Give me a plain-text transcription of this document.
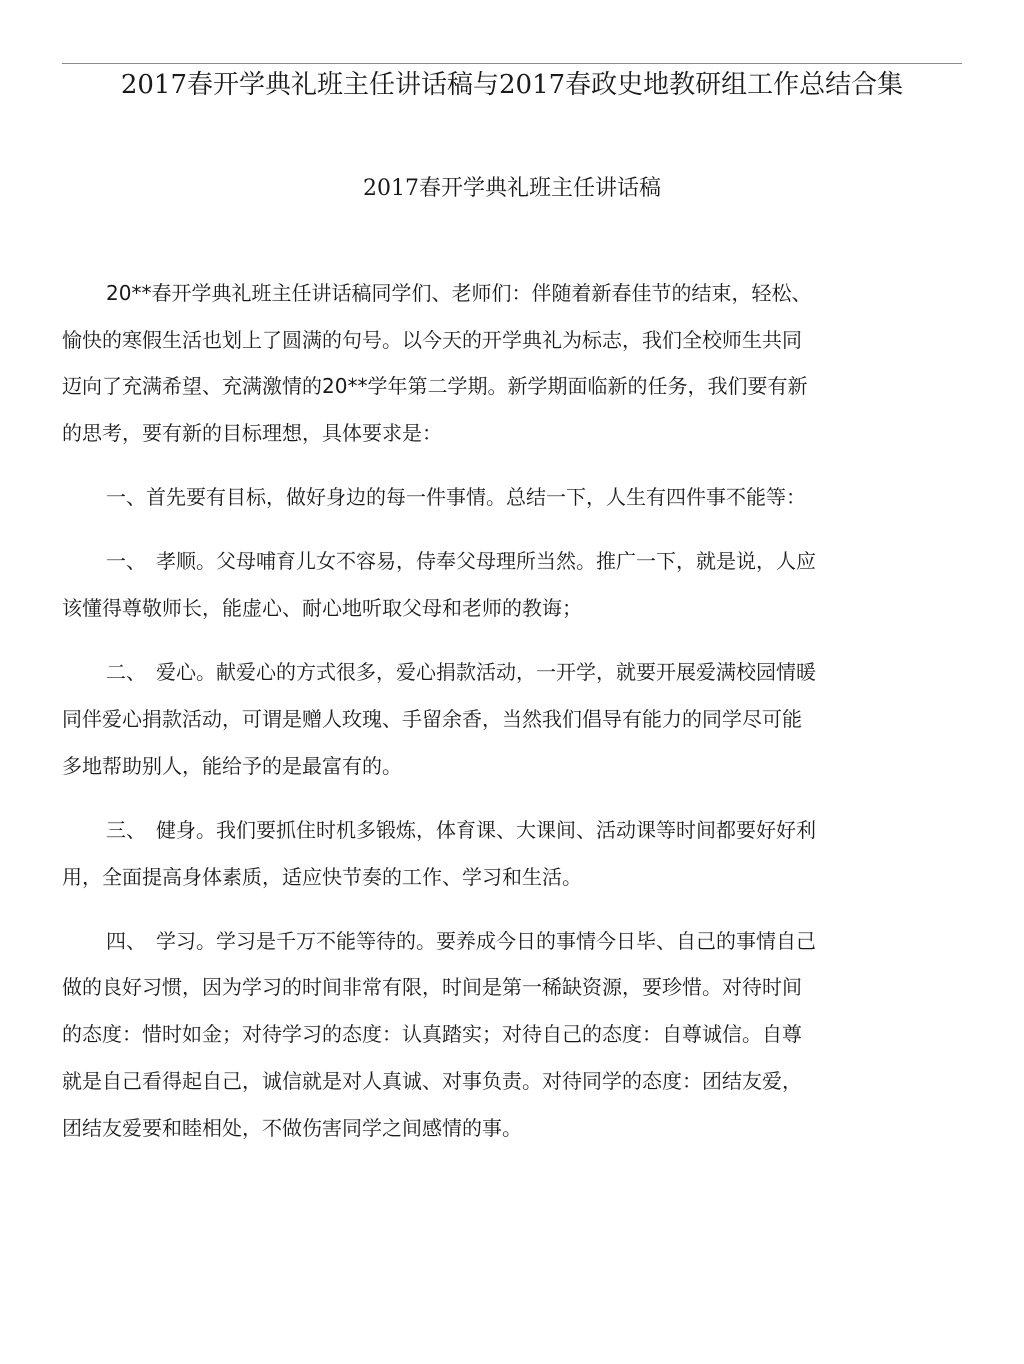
2017春开学典礼班主任讲话稿与2017春政史地教研组工作总结合集
2017春开学典礼班主任讲话稿
20**春开学典礼班主任讲话稿同学们、老师们：伴随着新春佳节的结束，轻松、
愉快的寒假生活也划上了圆满的句号。以今天的开学典礼为标志，我们全校师生共同
迈向了充满希望、充满激情的20**学年第二学期。新学期面临新的任务，我们要有新
的思考，要有新的目标理想，具体要求是：
一、首先要有目标，做好身边的每一件事情。总结一下，人生有四件事不能等：
一、　孝顺。父母哺育儿女不容易，侍奉父母理所当然。推广一下，就是说，人应
该懂得尊敬师长，能虚心、耐心地听取父母和老师的教诲；
二、　爱心。献爱心的方式很多，爱心捐款活动，一开学，就要开展爱满校园情暖
同伴爱心捐款活动，可谓是赠人玫瑰、手留余香，当然我们倡导有能力的同学尽可能
多地帮助别人，能给予的是最富有的。
三、　健身。我们要抓住时机多锻炼，体育课、大课间、活动课等时间都要好好利
用，全面提高身体素质，适应快节奏的工作、学习和生活。
四、　学习。学习是千万不能等待的。要养成今日的事情今日毕、自己的事情自己
做的良好习惯，因为学习的时间非常有限，时间是第一稀缺资源，要珍惜。对待时间
的态度：惜时如金；对待学习的态度：认真踏实；对待自己的态度：自尊诚信。自尊
就是自己看得起自己，诚信就是对人真诚、对事负责。对待同学的态度：团结友爱，
团结友爱要和睦相处，不做伤害同学之间感情的事。
